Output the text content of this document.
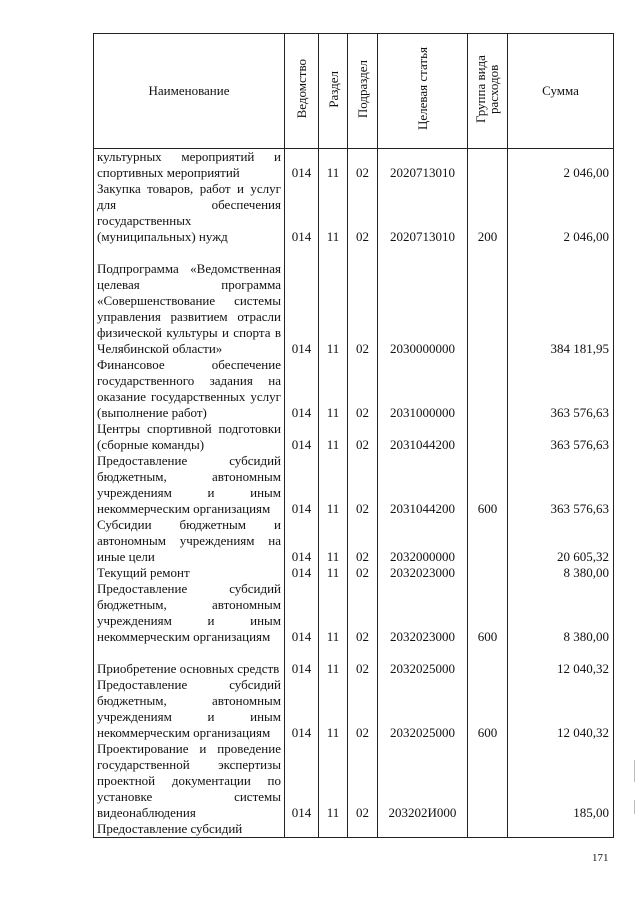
Наименование	Ведомство	Раздел	Подраздел	Целевая статья	Группа вида расходов	Сумма
культурных мероприятий и спортивных мероприятий	014	11	02	2020713010		2 046,00
Закупка товаров, работ и услуг для обеспечения государственных (муниципальных) нужд	014	11	02	2020713010	200	2 046,00
Подпрограмма «Ведомственная целевая программа «Совершенствование системы управления развитием отрасли физической культуры и спорта в Челябинской области»	014	11	02	2030000000		384 181,95
Финансовое обеспечение государственного задания на оказание государственных услуг (выполнение работ)	014	11	02	2031000000		363 576,63
Центры спортивной подготовки (сборные команды)	014	11	02	2031044200		363 576,63
Предоставление субсидий бюджетным, автономным учреждениям и иным некоммерческим организациям	014	11	02	2031044200	600	363 576,63
Субсидии бюджетным и автономным учреждениям на иные цели	014	11	02	2032000000		20 605,32
Текущий ремонт	014	11	02	2032023000		8 380,00
Предоставление субсидий бюджетным, автономным учреждениям и иным некоммерческим организациям	014	11	02	2032023000	600	8 380,00
Приобретение основных средств	014	11	02	2032025000		12 040,32
Предоставление субсидий бюджетным, автономным учреждениям и иным некоммерческим организациям	014	11	02	2032025000	600	12 040,32
Проектирование и проведение государственной экспертизы проектной документации по установке системы видеонаблюдения	014	11	02	203202И000		185,00
Предоставление субсидий						
171
